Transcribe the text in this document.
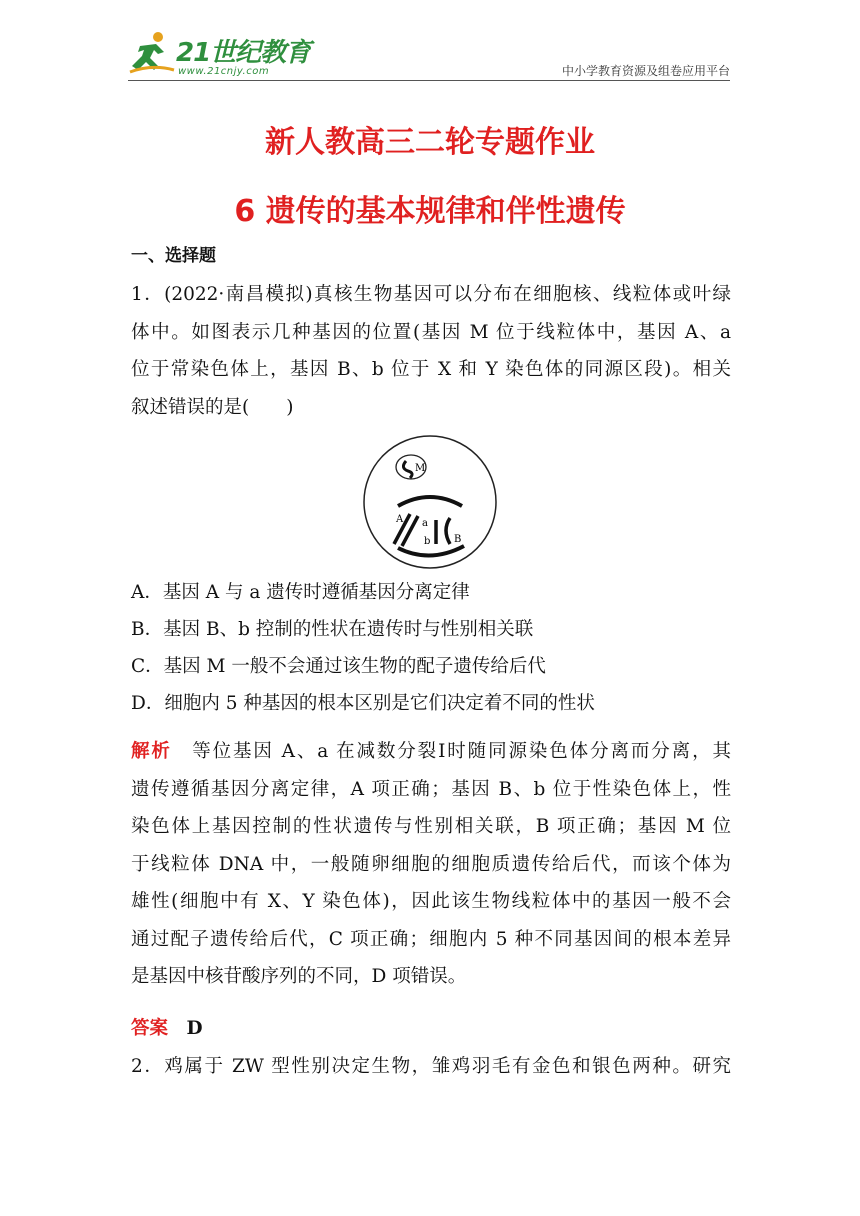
21世纪教育
www.21cnjy.com	中小学教育资源及组卷应用平台
新人教高三二轮专题作业
6 遗传的基本规律和伴性遗传
一、选择题
1．(2022·南昌模拟)真核生物基因可以分布在细胞核、线粒体或叶绿
体中。如图表示几种基因的位置(基因 M 位于线粒体中，基因 A、a
位于常染色体上，基因 B、b 位于 X 和 Y 染色体的同源区段)。相关
叙述错误的是(　　)
M
A a
b B
A．基因 A 与 a 遗传时遵循基因分离定律
B．基因 B、b 控制的性状在遗传时与性别相关联
C．基因 M 一般不会通过该生物的配子遗传给后代
D．细胞内 5 种基因的根本区别是它们决定着不同的性状
解析　等位基因 A、a 在减数分裂Ⅰ时随同源染色体分离而分离，其
遗传遵循基因分离定律，A 项正确；基因 B、b 位于性染色体上，性
染色体上基因控制的性状遗传与性别相关联，B 项正确；基因 M 位
于线粒体 DNA 中，一般随卵细胞的细胞质遗传给后代，而该个体为
雄性(细胞中有 X、Y 染色体)，因此该生物线粒体中的基因一般不会
通过配子遗传给后代，C 项正确；细胞内 5 种不同基因间的根本差异
是基因中核苷酸序列的不同，D 项错误。
答案　D
2．鸡属于 ZW 型性别决定生物，雏鸡羽毛有金色和银色两种。研究
